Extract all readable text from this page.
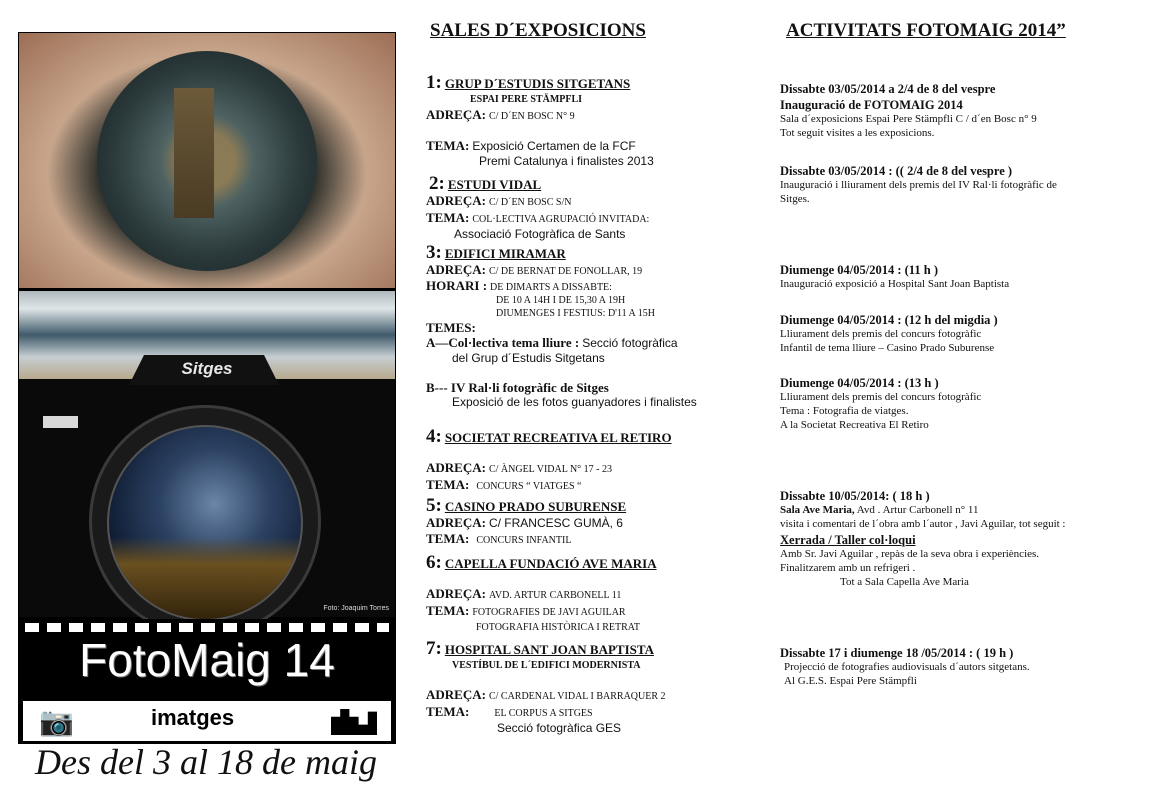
Sitges
Foto: Joaquim Torres
FotoMaig 14
📷	imatges
Des del 3 al 18 de maig
SALES D´EXPOSICIONS
1: GRUP D´ESTUDIS SITGETANS
ESPAI PERE STÄMPFLI
ADREÇA: C/ D´EN BOSC N° 9
TEMA: Exposició Certamen de la FCF
Premi Catalunya i finalistes 2013
2: ESTUDI VIDAL
ADREÇA: C/ D´EN BOSC S/N
TEMA: COL·LECTIVA AGRUPACIÓ INVITADA:
Associació Fotogràfica de Sants
3: EDIFICI MIRAMAR
ADREÇA: C/ DE BERNAT DE FONOLLAR, 19
HORARI : DE DIMARTS A DISSABTE:
DE 10 A 14H I DE 15,30 A 19H
DIUMENGES I FESTIUS: D'11 A 15H
TEMES:
A—Col·lectiva tema lliure : Secció fotogràfica
del Grup d´Estudis Sitgetans
B--- IV Ral·li fotogràfic de Sitges
Exposició de les fotos guanyadores i finalistes
4: SOCIETAT RECREATIVA EL RETIRO
ADREÇA: C/ ÀNGEL VIDAL N° 17 - 23
TEMA: CONCURS “ VIATGES “
5: CASINO PRADO SUBURENSE
ADREÇA: C/ FRANCESC GUMÀ, 6
TEMA: CONCURS INFANTIL
6: CAPELLA FUNDACIÓ AVE MARIA
ADREÇA: AVD. ARTUR CARBONELL 11
TEMA: FOTOGRAFIES DE JAVI AGUILAR
FOTOGRAFIA HISTÒRICA I RETRAT
7: HOSPITAL SANT JOAN BAPTISTA
VESTÍBUL DE L´EDIFICI MODERNISTA
ADREÇA: C/ CARDENAL VIDAL I BARRAQUER 2
TEMA:	EL CORPUS A SITGES
Secció fotogràfica GES
ACTIVITATS FOTOMAIG 2014”
Dissabte 03/05/2014 a 2/4 de 8 del vespre
Inauguració de FOTOMAIG 2014
Sala d´exposicions Espai Pere Stämpfli C / d´en Bosc n° 9
Tot seguit visites a les exposicions.
Dissabte 03/05/2014 : (( 2/4 de 8 del vespre )
Inauguració i lliurament dels premis del IV Ral·li fotogràfic de
Sitges.
Diumenge 04/05/2014 : (11 h )
Inauguració exposició a Hospital Sant Joan Baptista
Diumenge 04/05/2014 : (12 h del migdia )
Lliurament dels premis del concurs fotogràfic
Infantil de tema lliure – Casino Prado Suburense
Diumenge 04/05/2014 : (13 h )
Lliurament dels premis del concurs fotogràfic
Tema : Fotografia de viatges.
A la Societat Recreativa El Retiro
Dissabte 10/05/2014: ( 18 h )
Sala Ave Maria, Avd . Artur Carbonell n° 11
visita i comentari de l´obra amb l´autor , Javi Aguilar, tot seguit :
Xerrada / Taller col·loqui
Amb Sr. Javi Aguilar , repàs de la seva obra i experiències.
Finalitzarem amb un refrigeri .
Tot a Sala Capella Ave Maria
Dissabte 17 i diumenge 18 /05/2014 : ( 19 h )
Projecció de fotografies audiovisuals d´autors sitgetans.
Al G.E.S. Espai Pere Stämpfli
